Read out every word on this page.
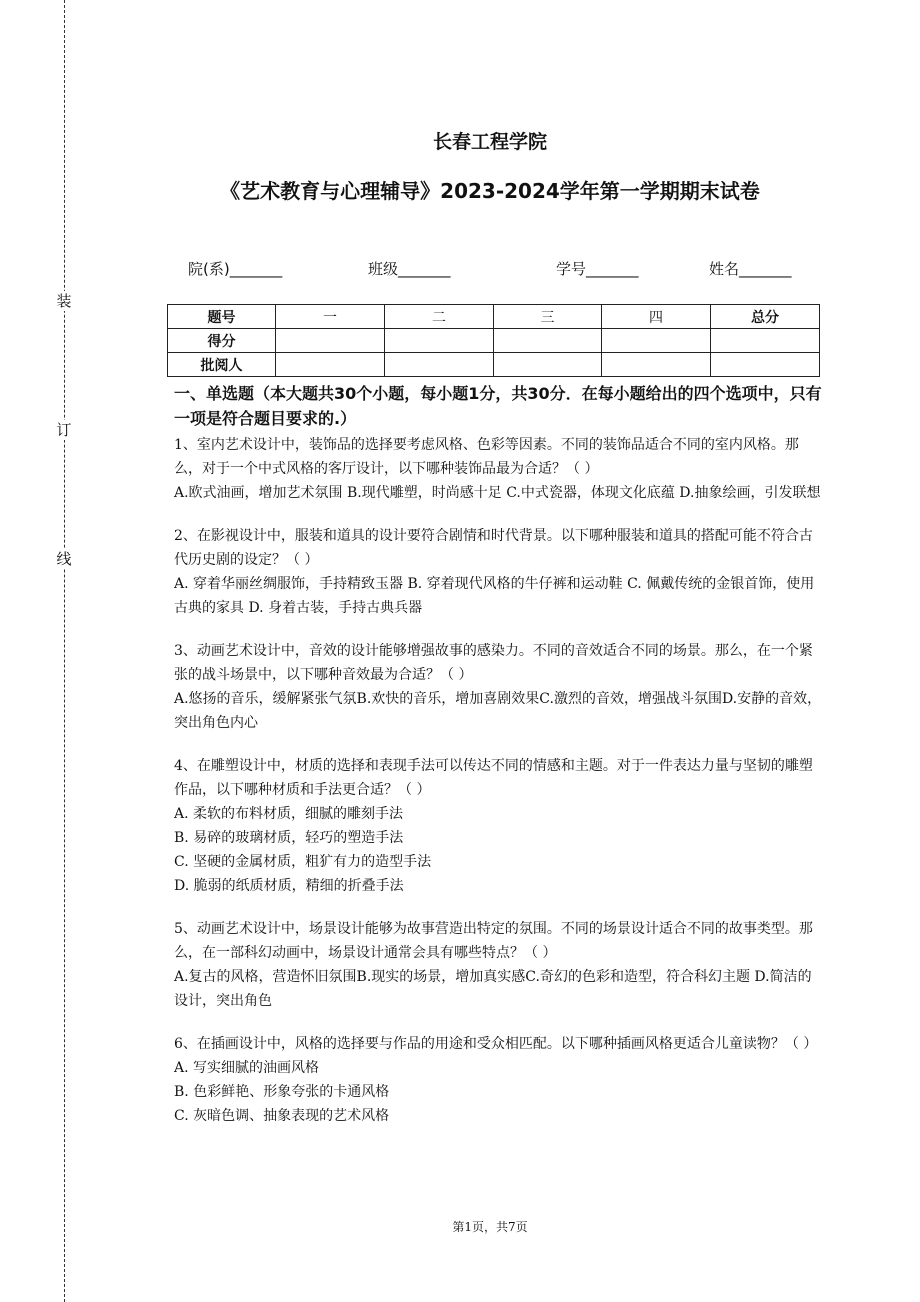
装
订
线
长春工程学院
《艺术教育与心理辅导》2023-2024学年第一学期期末试卷
院(系)_______	班级_______	学号_______	姓名_______
题号	一	二	三	四	总分
得分					
批阅人					
一、单选题（本大题共30个小题，每小题1分，共30分．在每小题给出的四个选项中，只有一项是符合题目要求的.）

1、室内艺术设计中，装饰品的选择要考虑风格、色彩等因素。不同的装饰品适合不同的室内风格。那么，对于一个中式风格的客厅设计，以下哪种装饰品最为合适？（ ）

A.欧式油画，增加艺术氛围 B.现代雕塑，时尚感十足 C.中式瓷器，体现文化底蕴 D.抽象绘画，引发联想

2、在影视设计中，服装和道具的设计要符合剧情和时代背景。以下哪种服装和道具的搭配可能不符合古代历史剧的设定？（ ）

A. 穿着华丽丝绸服饰，手持精致玉器 B. 穿着现代风格的牛仔裤和运动鞋 C. 佩戴传统的金银首饰，使用古典的家具 D. 身着古装，手持古典兵器

3、动画艺术设计中，音效的设计能够增强故事的感染力。不同的音效适合不同的场景。那么，在一个紧张的战斗场景中，以下哪种音效最为合适？（ ）

A.悠扬的音乐，缓解紧张气氛B.欢快的音乐，增加喜剧效果C.激烈的音效，增强战斗氛围D.安静的音效，突出角色内心

4、在雕塑设计中，材质的选择和表现手法可以传达不同的情感和主题。对于一件表达力量与坚韧的雕塑作品，以下哪种材质和手法更合适？（ ）

A. 柔软的布料材质，细腻的雕刻手法

B. 易碎的玻璃材质，轻巧的塑造手法

C. 坚硬的金属材质，粗犷有力的造型手法

D. 脆弱的纸质材质，精细的折叠手法

5、动画艺术设计中，场景设计能够为故事营造出特定的氛围。不同的场景设计适合不同的故事类型。那么，在一部科幻动画中，场景设计通常会具有哪些特点？（ ）

A.复古的风格，营造怀旧氛围B.现实的场景，增加真实感C.奇幻的色彩和造型，符合科幻主题 D.简洁的设计，突出角色

6、在插画设计中，风格的选择要与作品的用途和受众相匹配。以下哪种插画风格更适合儿童读物？（ ）

A. 写实细腻的油画风格

B. 色彩鲜艳、形象夸张的卡通风格

C. 灰暗色调、抽象表现的艺术风格

第1页，共7页
